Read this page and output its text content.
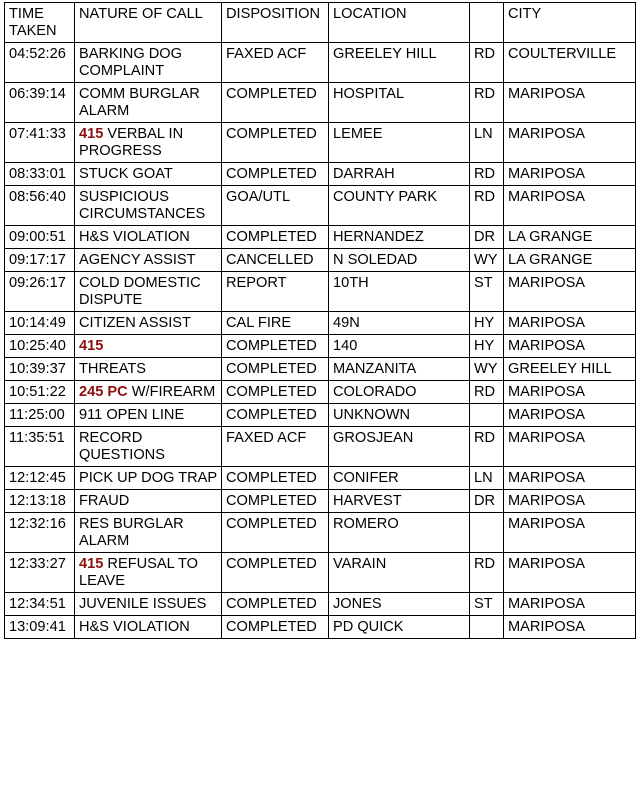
TIME TAKEN	NATURE OF CALL	DISPOSITION	LOCATION		CITY
04:52:26	BARKING DOG COMPLAINT	FAXED ACF	GREELEY HILL	RD	COULTERVILLE
06:39:14	COMM BURGLAR ALARM	COMPLETED	HOSPITAL	RD	MARIPOSA
07:41:33	415 VERBAL IN PROGRESS	COMPLETED	LEMEE	LN	MARIPOSA
08:33:01	STUCK GOAT	COMPLETED	DARRAH	RD	MARIPOSA
08:56:40	SUSPICIOUS CIRCUMSTANCES	GOA/UTL	COUNTY PARK	RD	MARIPOSA
09:00:51	H&S VIOLATION	COMPLETED	HERNANDEZ	DR	LA GRANGE
09:17:17	AGENCY ASSIST	CANCELLED	N SOLEDAD	WY	LA GRANGE
09:26:17	COLD DOMESTIC DISPUTE	REPORT	10TH	ST	MARIPOSA
10:14:49	CITIZEN ASSIST	CAL FIRE	49N	HY	MARIPOSA
10:25:40	415	COMPLETED	140	HY	MARIPOSA
10:39:37	THREATS	COMPLETED	MANZANITA	WY	GREELEY HILL
10:51:22	245 PC W/FIREARM	COMPLETED	COLORADO	RD	MARIPOSA
11:25:00	911 OPEN LINE	COMPLETED	UNKNOWN		MARIPOSA
11:35:51	RECORD QUESTIONS	FAXED ACF	GROSJEAN	RD	MARIPOSA
12:12:45	PICK UP DOG TRAP	COMPLETED	CONIFER	LN	MARIPOSA
12:13:18	FRAUD	COMPLETED	HARVEST	DR	MARIPOSA
12:32:16	RES BURGLAR ALARM	COMPLETED	ROMERO		MARIPOSA
12:33:27	415 REFUSAL TO LEAVE	COMPLETED	VARAIN	RD	MARIPOSA
12:34:51	JUVENILE ISSUES	COMPLETED	JONES	ST	MARIPOSA
13:09:41	H&S VIOLATION	COMPLETED	PD QUICK		MARIPOSA
